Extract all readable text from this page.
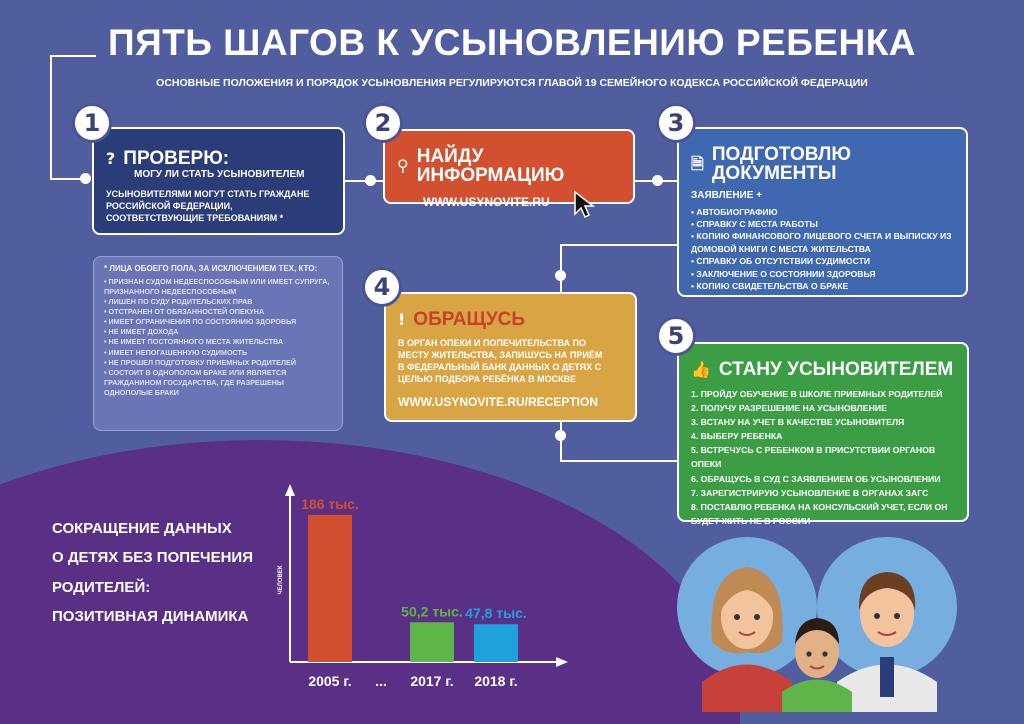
ПЯТЬ ШАГОВ К УСЫНОВЛЕНИЮ РЕБЕНКА
ОСНОВНЫЕ ПОЛОЖЕНИЯ И ПОРЯДОК УСЫНОВЛЕНИЯ РЕГУЛИРУЮТСЯ ГЛАВОЙ 19 СЕМЕЙНОГО КОДЕКСА РОССИЙСКОЙ ФЕДЕРАЦИИ
1	2	3
4
5
? ПРОВЕРЮ:
МОГУ ЛИ СТАТЬ УСЫНОВИТЕЛЕМ
УСЫНОВИТЕЛЯМИ МОГУТ СТАТЬ ГРАЖДАНЕ РОССИЙСКОЙ ФЕДЕРАЦИИ, СООТВЕТСТВУЮЩИЕ ТРЕБОВАНИЯМ *
⚲ НАЙДУ ИНФОРМАЦИЮ
WWW.USYNOVITE.RU
🗎 ПОДГОТОВЛЮ ДОКУМЕНТЫ
ЗАЯВЛЕНИЕ +
• АВТОБИОГРАФИЮ
• СПРАВКУ С МЕСТА РАБОТЫ
• КОПИЮ ФИНАНСОВОГО ЛИЦЕВОГО СЧЕТА И ВЫПИСКУ ИЗ ДОМОВОЙ КНИГИ С МЕСТА ЖИТЕЛЬСТВА
• СПРАВКУ ОБ ОТСУТСТВИИ СУДИМОСТИ
• ЗАКЛЮЧЕНИЕ О СОСТОЯНИИ ЗДОРОВЬЯ
• КОПИЮ СВИДЕТЕЛЬСТВА О БРАКЕ
* ЛИЦА ОБОЕГО ПОЛА, ЗА ИСКЛЮЧЕНИЕМ ТЕХ, КТО:
• ПРИЗНАН СУДОМ НЕДЕЕСПОСОБНЫМ ИЛИ ИМЕЕТ СУПРУГА, ПРИЗНАННОГО НЕДЕЕСПОСОБНЫМ
• ЛИШЕН ПО СУДУ РОДИТЕЛЬСКИХ ПРАВ
• ОТСТРАНЕН ОТ ОБЯЗАННОСТЕЙ ОПЕКУНА
• ИМЕЕТ ОГРАНИЧЕНИЯ ПО СОСТОЯНИЮ ЗДОРОВЬЯ
• НЕ ИМЕЕТ ДОХОДА
• НЕ ИМЕЕТ ПОСТОЯННОГО МЕСТА ЖИТЕЛЬСТВА
• ИМЕЕТ НЕПОГАШЕННУЮ СУДИМОСТЬ
• НЕ ПРОШЕЛ ПОДГОТОВКУ ПРИЕМНЫХ РОДИТЕЛЕЙ
• СОСТОИТ В ОДНОПОЛОМ БРАКЕ ИЛИ ЯВЛЯЕТСЯ ГРАЖДАНИНОМ ГОСУДАРСТВА, ГДЕ РАЗРЕШЕНЫ ОДНОПОЛЫЕ БРАКИ
! ОБРАЩУСЬ
В ОРГАН ОПЕКИ И ПОПЕЧИТЕЛЬСТВА ПО МЕСТУ ЖИТЕЛЬСТВА, ЗАПИШУСЬ НА ПРИЁМ В ФЕДЕРАЛЬНЫЙ БАНК ДАННЫХ О ДЕТЯХ С ЦЕЛЬЮ ПОДБОРА РЕБЁНКА В МОСКВЕ
WWW.USYNOVITE.RU/RECEPTION
👍 СТАНУ УСЫНОВИТЕЛЕМ
1. ПРОЙДУ ОБУЧЕНИЕ В ШКОЛЕ ПРИЕМНЫХ РОДИТЕЛЕЙ
2. ПОЛУЧУ РАЗРЕШЕНИЕ НА УСЫНОВЛЕНИЕ
3. ВСТАНУ НА УЧЕТ В КАЧЕСТВЕ УСЫНОВИТЕЛЯ
4. ВЫБЕРУ РЕБЕНКА
5. ВСТРЕЧУСЬ С РЕБЕНКОМ В ПРИСУТСТВИИ ОРГАНОВ ОПЕКИ
6. ОБРАЩУСЬ В СУД С ЗАЯВЛЕНИЕМ ОБ УСЫНОВЛЕНИИ
7. ЗАРЕГИСТРИРУЮ УСЫНОВЛЕНИЕ В ОРГАНАХ ЗАГС
8. ПОСТАВЛЮ РЕБЕНКА НА КОНСУЛЬСКИЙ УЧЕТ, ЕСЛИ ОН БУДЕТ ЖИТЬ НЕ В РОССИИ
СОКРАЩЕНИЕ ДАННЫХ
О ДЕТЯХ БЕЗ ПОПЕЧЕНИЯ
РОДИТЕЛЕЙ:
ПОЗИТИВНАЯ ДИНАМИКА
ЧЕЛОВЕК
186 тыс.
2005 г.
50,2 тыс.
2017 г.
47,8 тыс.
2018 г.
...
